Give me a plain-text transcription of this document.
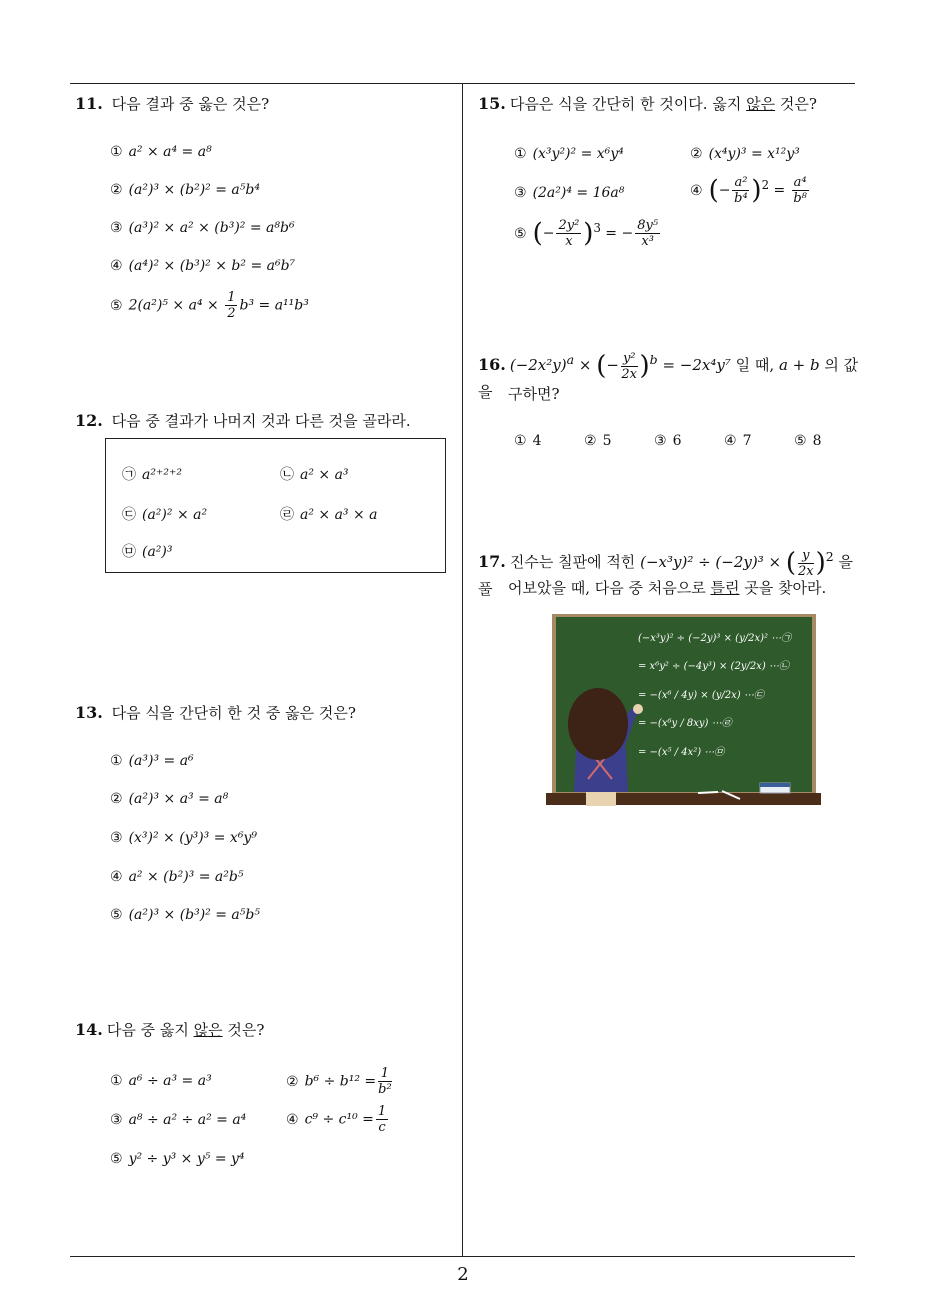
11. 다음 결과 중 옳은 것은?
① a² × a⁴ = a⁸
② (a²)³ × (b²)² = a⁵b⁴
③ (a³)² × a² × (b³)² = a⁸b⁶
④ (a⁴)² × (b³)² × b² = a⁶b⁷
⑤ $2(a^2)^5 \times a^4 \times \frac{1}{2} b^3 = a^{11}b^3$
12. 다음 중 결과가 나머지 것과 다른 것을 골라라.
㉠ a²⁺²⁺²	㉡ a² × a³
㉢ (a²)² × a²	㉣ a² × a³ × a
㉤ (a²)³
13. 다음 식을 간단히 한 것 중 옳은 것은?
① (a³)³ = a⁶
② (a²)³ × a³ = a⁸
③ (x³)² × (y³)³ = x⁶y⁹
④ a² × (b²)³ = a²b⁵
⑤ (a²)³ × (b³)² = a⁵b⁵
14. 다음 중 옳지 않은 것은?
① a⁶ ÷ a³ = a³	② $b^6 \div b^{12} = \frac{1}{\text{b²}}$
③ a⁸ ÷ a² ÷ a² = a⁴	④ $c^9 \div c^{10} = \frac{1}{c}$
⑤ y² ÷ y³ × y⁵ = y⁴
15. 다음은 식을 간단히 한 것이다. 옳지 않은 것은?
① (x³y²)² = x⁶y⁴	② (x⁴y)³ = x¹²y³
③ (2a²)⁴ = 16a⁸	④ (− $\frac{\text{a²}}{\text{b⁴}} )^2 = \frac{\text{a⁴}}{\text{b⁸}}$
⑤ (− $\frac{\text{2y²}}{x} )^3$ = − $\frac{\text{8y⁵}}{\text{x³}}$
16. $(-2x^2y)^a$ × (− $\frac{\text{y²}}{2x} )^b = -2x^4y^7$ 일 때, a + b 의 값을	구하면?
① 4	② 5	③ 6	④ 7	⑤ 8
17. 진수는 칠판에 적힌 (−x³y)² ÷ (−2y)³ × ( $\frac{y}{2x} )^2$ 을 풀	어보았을 때, 다음 중 처음으로 틀린 곳을 찾아라.
(−x³y)² ÷ (−2y)³ × (y/2x)² ⋯㉠
= x⁶y² ÷ (−4y³) × (2y/2x) ⋯㉡
= −(x⁶ / 4y) × (y/2x) ⋯㉢
= −(x⁶y / 8xy) ⋯㉣
= −(x⁵ / 4x²) ⋯㉤
2
